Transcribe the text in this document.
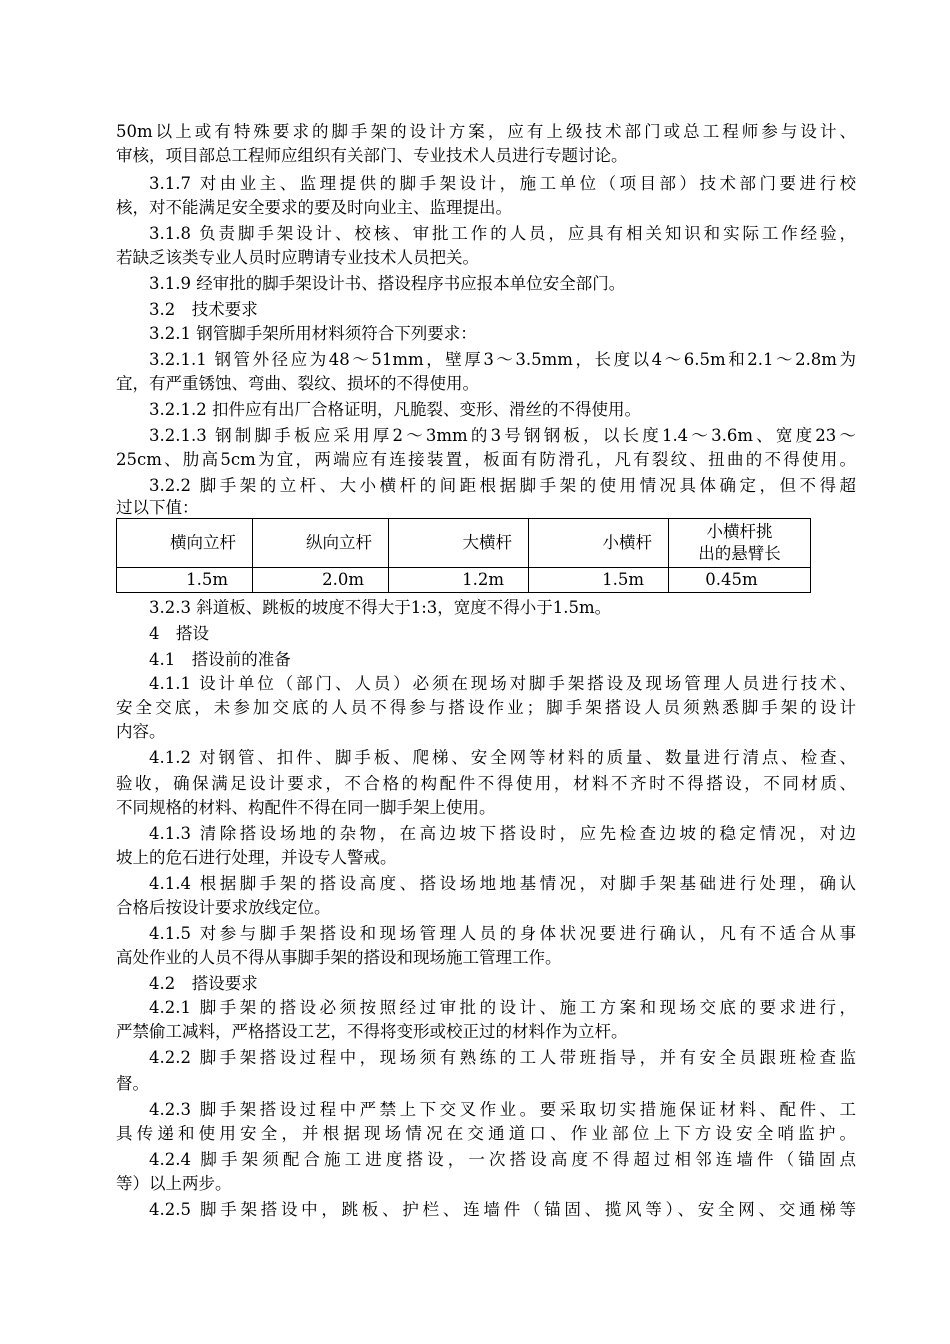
50m以上或有特殊要求的脚手架的设计方案，应有上级技术部门或总工程师参与设计、
审核，项目部总工程师应组织有关部门、专业技术人员进行专题讨论。
3.1.7 对由业主、监理提供的脚手架设计，施工单位（项目部）技术部门要进行校
核，对不能满足安全要求的要及时向业主、监理提出。
3.1.8 负责脚手架设计、校核、审批工作的人员，应具有相关知识和实际工作经验，
若缺乏该类专业人员时应聘请专业技术人员把关。
3.1.9 经审批的脚手架设计书、搭设程序书应报本单位安全部门。
3.2　技术要求
3.2.1 钢管脚手架所用材料须符合下列要求：
3.2.1.1 钢管外径应为48～51mm，壁厚3～3.5mm，长度以4～6.5m和2.1～2.8m为
宜，有严重锈蚀、弯曲、裂纹、损坏的不得使用。
3.2.1.2 扣件应有出厂合格证明，凡脆裂、变形、滑丝的不得使用。
3.2.1.3 钢制脚手板应采用厚2～3mm的3号钢钢板，以长度1.4～3.6m、宽度23～
25cm、肋高5cm为宜，两端应有连接装置，板面有防滑孔，凡有裂纹、扭曲的不得使用。
3.2.2 脚手架的立杆、大小横杆的间距根据脚手架的使用情况具体确定，但不得超
过以下值：
横向立杆	纵向立杆	大横杆	小横杆	小横杆挑
出的悬臂长

1.5m	2.0m	1.2m	1.5m	0.45m
3.2.3 斜道板、跳板的坡度不得大于1:3，宽度不得小于1.5m。
4　搭设
4.1　搭设前的准备
4.1.1 设计单位（部门、人员）必须在现场对脚手架搭设及现场管理人员进行技术、
安全交底，未参加交底的人员不得参与搭设作业；脚手架搭设人员须熟悉脚手架的设计
内容。
4.1.2 对钢管、扣件、脚手板、爬梯、安全网等材料的质量、数量进行清点、检查、
验收，确保满足设计要求，不合格的构配件不得使用，材料不齐时不得搭设，不同材质、
不同规格的材料、构配件不得在同一脚手架上使用。
4.1.3 清除搭设场地的杂物，在高边坡下搭设时，应先检查边坡的稳定情况，对边
坡上的危石进行处理，并设专人警戒。
4.1.4 根据脚手架的搭设高度、搭设场地地基情况，对脚手架基础进行处理，确认
合格后按设计要求放线定位。
4.1.5 对参与脚手架搭设和现场管理人员的身体状况要进行确认，凡有不适合从事
高处作业的人员不得从事脚手架的搭设和现场施工管理工作。
4.2　搭设要求
4.2.1 脚手架的搭设必须按照经过审批的设计、施工方案和现场交底的要求进行，
严禁偷工减料，严格搭设工艺，不得将变形或校正过的材料作为立杆。
4.2.2 脚手架搭设过程中，现场须有熟练的工人带班指导，并有安全员跟班检查监
督。
4.2.3 脚手架搭设过程中严禁上下交叉作业。要采取切实措施保证材料、配件、工
具传递和使用安全，并根据现场情况在交通道口、作业部位上下方设安全哨监护。
4.2.4 脚手架须配合施工进度搭设，一次搭设高度不得超过相邻连墙件（锚固点
等）以上两步。
4.2.5 脚手架搭设中，跳板、护栏、连墙件（锚固、揽风等）、安全网、交通梯等
